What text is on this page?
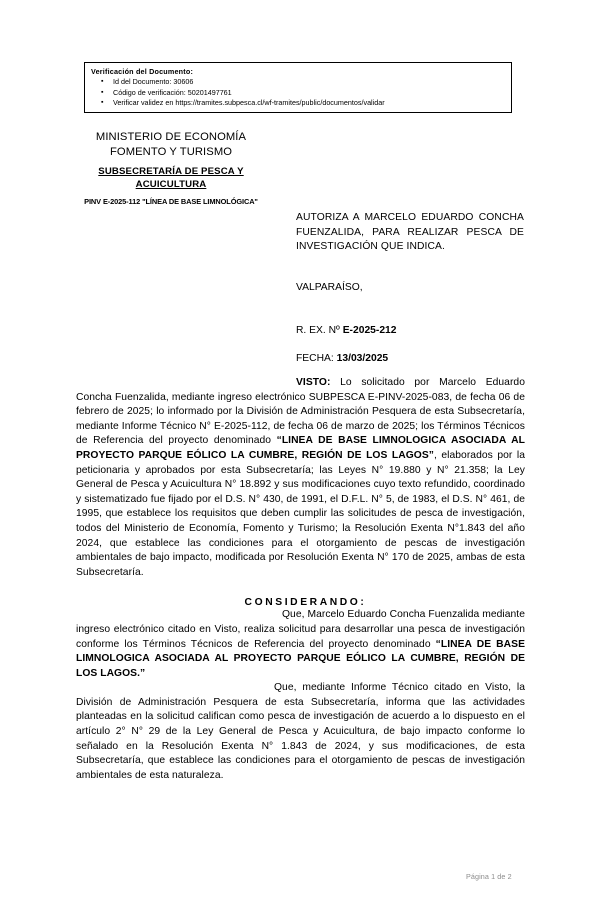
Verificación del Documento:
▪ Id del Documento: 30606
▪ Código de verificación: 50201497761
▪ Verificar validez en https://tramites.subpesca.cl/wf-tramites/public/documentos/validar
MINISTERIO DE ECONOMÍA
FOMENTO Y TURISMO
SUBSECRETARÍA DE PESCA Y
ACUICULTURA
PINV E-2025-112 "LÍNEA DE BASE LIMNOLÓGICA"
AUTORIZA A MARCELO EDUARDO CONCHA FUENZALIDA, PARA REALIZAR PESCA DE INVESTIGACIÓN QUE INDICA.
VALPARAÍSO,
R. EX. Nº E-2025-212
FECHA: 13/03/2025

VISTO: Lo solicitado por Marcelo Eduardo Concha Fuenzalida, mediante ingreso electrónico SUBPESCA E-PINV-2025-083, de fecha 06 de febrero de 2025; lo informado por la División de Administración Pesquera de esta Subsecretaría, mediante Informe Técnico N° E-2025-112, de fecha 06 de marzo de 2025; los Términos Técnicos de Referencia del proyecto denominado “LINEA DE BASE LIMNOLOGICA ASOCIADA AL PROYECTO PARQUE EÓLICO LA CUMBRE, REGIÓN DE LOS LAGOS”, elaborados por la peticionaria y aprobados por esta Subsecretaría; las Leyes N° 19.880 y N° 21.358; la Ley General de Pesca y Acuicultura N° 18.892 y sus modificaciones cuyo texto refundido, coordinado y sistematizado fue fijado por el D.S. N° 430, de 1991, el D.F.L. N° 5, de 1983, el D.S. N° 461, de 1995, que establece los requisitos que deben cumplir las solicitudes de pesca de investigación, todos del Ministerio de Economía, Fomento y Turismo; la Resolución Exenta N°1.843 del año 2024, que establece las condiciones para el otorgamiento de pescas de investigación ambientales de bajo impacto, modificada por Resolución Exenta N° 170 de 2025, ambas de esta Subsecretaría.

CONSIDERANDO:

Que, Marcelo Eduardo Concha Fuenzalida mediante ingreso electrónico citado en Visto, realiza solicitud para desarrollar una pesca de investigación conforme los Términos Técnicos de Referencia del proyecto denominado “LINEA DE BASE LIMNOLOGICA ASOCIADA AL PROYECTO PARQUE EÓLICO LA CUMBRE, REGIÓN DE LOS LAGOS.”

Que, mediante Informe Técnico citado en Visto, la División de Administración Pesquera de esta Subsecretaría, informa que las actividades planteadas en la solicitud califican como pesca de investigación de acuerdo a lo dispuesto en el artículo 2° N° 29 de la Ley General de Pesca y Acuicultura, de bajo impacto conforme lo señalado en la Resolución Exenta N° 1.843 de 2024, y sus modificaciones, de esta Subsecretaría, que establece las condiciones para el otorgamiento de pescas de investigación ambientales de esta naturaleza.

Página 1 de 2
